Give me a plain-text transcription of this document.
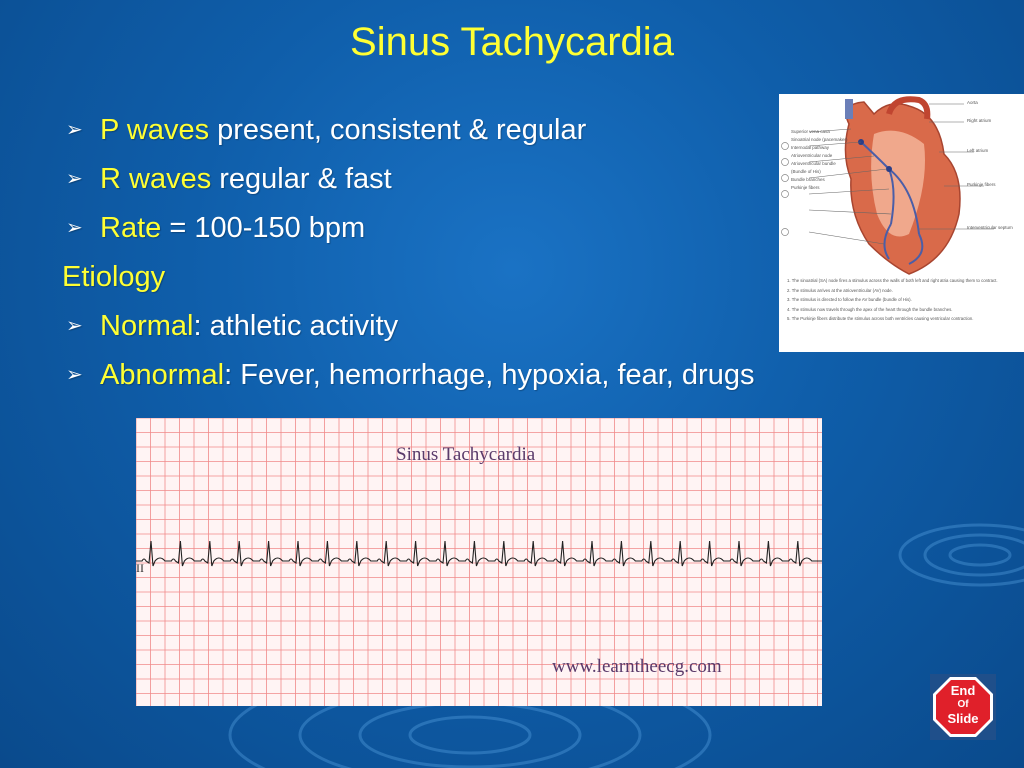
Sinus Tachycardia
➢ P waves present, consistent & regular
➢ R waves regular & fast
➢ Rate = 100-150 bpm
Etiology
➢ Normal: athletic activity
➢ Abnormal: Fever, hemorrhage, hypoxia, fear, drugs
Superior vena cava
Sinoatrial node (pacemaker)
Internodal pathway
Atrioventricular node
Atrioventricular bundle (Bundle of His)
Bundle branches
Purkinje fibers
Aorta
Right atrium
Left atrium
Purkinje fibers
Interventricular septum
1. The sinoatrial (SA) node fires a stimulus across the walls of both left and right atria causing them to contract.
2. The stimulus arrives at the atrioventricular (AV) node.
3. The stimulus is directed to follow the AV bundle (bundle of His).
4. The stimulus now travels through the apex of the heart through the bundle branches.
5. The Purkinje fibers distribute the stimulus across both ventricles causing ventricular contraction.
Sinus Tachycardia
II
www.learntheecg.com
End
Of
Slide
